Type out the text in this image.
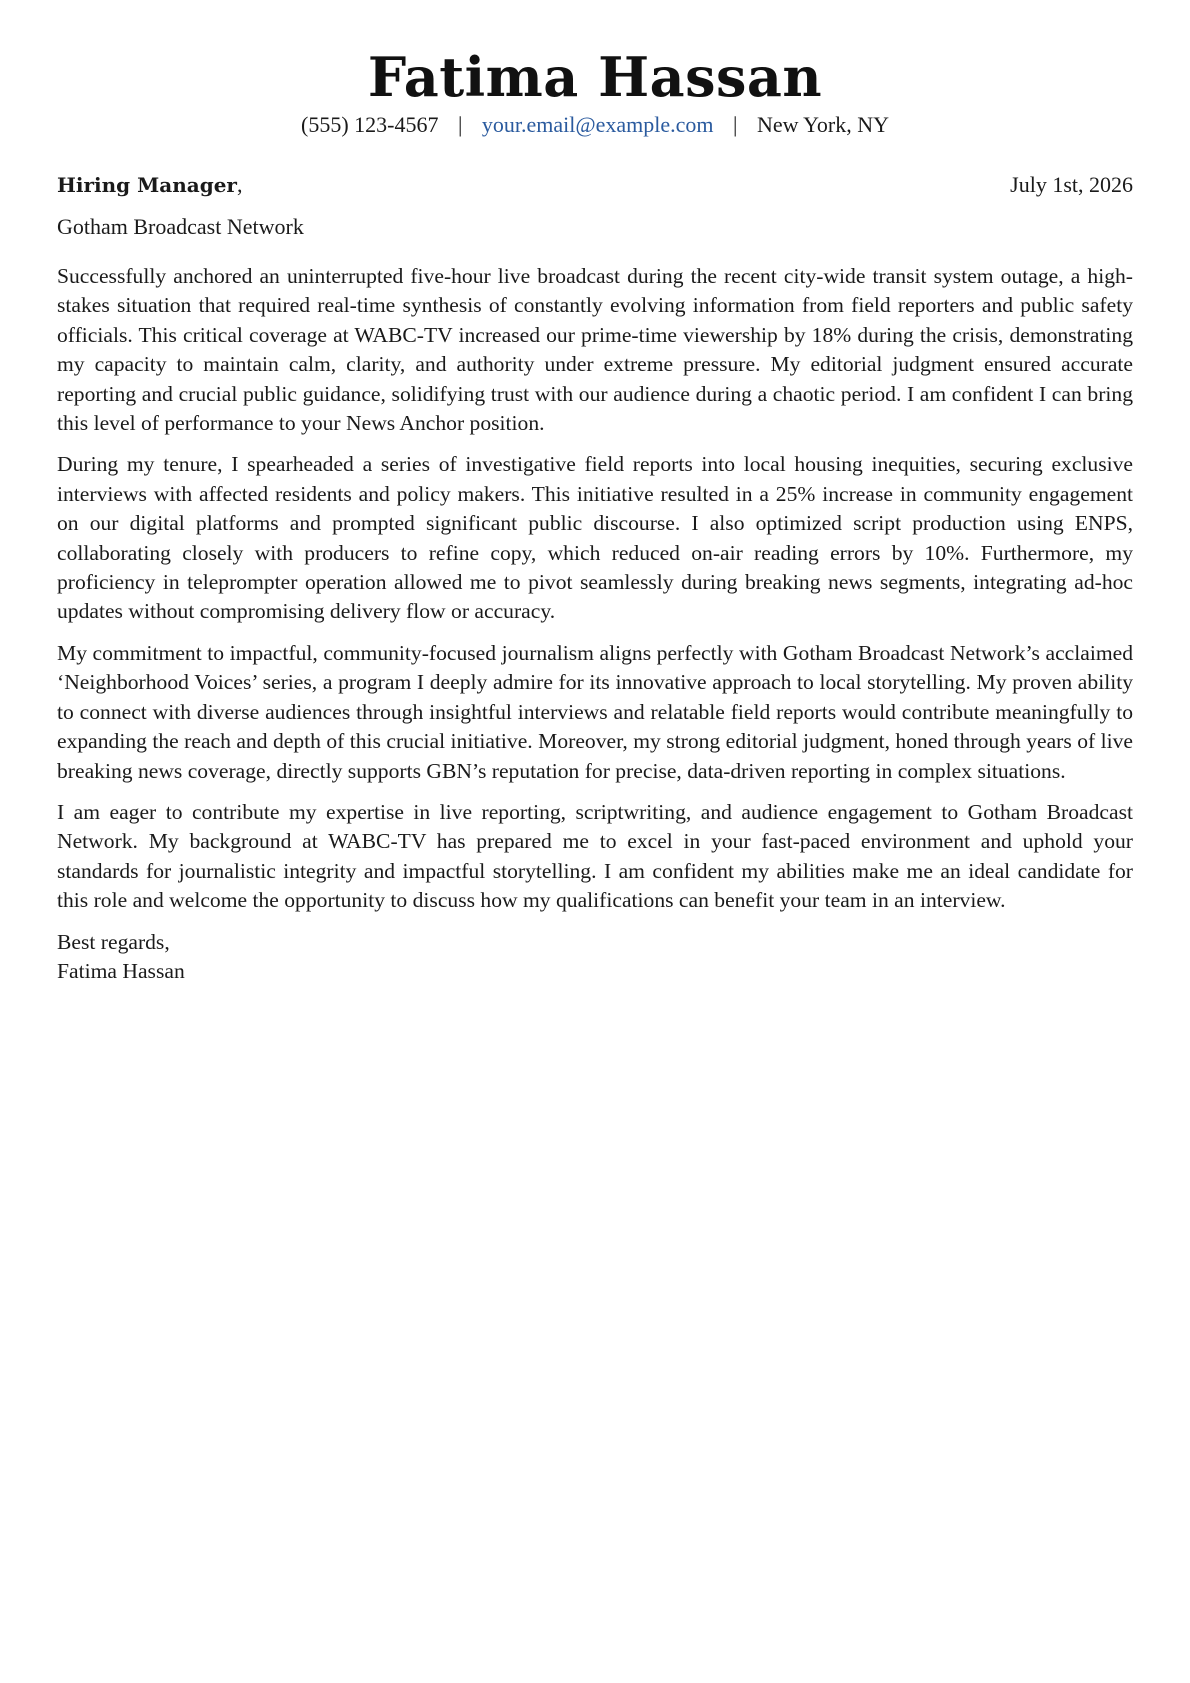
Fatima Hassan
(555) 123-4567 | your.email@example.com | New York, NY
Hiring Manager,	July 1st, 2026
Gotham Broadcast Network

Successfully anchored an uninterrupted five-hour live broadcast during the recent city-wide transit system outage, a high-stakes situation that required real-time synthesis of constantly evolving information from field reporters and public safety officials. This critical coverage at WABC-TV increased our prime-time viewership by 18% during the crisis, demonstrating my capacity to maintain calm, clarity, and authority under extreme pressure. My editorial judgment ensured accurate reporting and crucial public guidance, solidifying trust with our audience during a chaotic period. I am confident I can bring this level of performance to your News Anchor position.

During my tenure, I spearheaded a series of investigative field reports into local housing inequities, securing exclusive interviews with affected residents and policy makers. This initiative resulted in a 25% increase in community engagement on our digital platforms and prompted significant public discourse. I also optimized script production using ENPS, collaborating closely with producers to refine copy, which reduced on-air reading errors by 10%. Furthermore, my proficiency in teleprompter operation allowed me to pivot seamlessly during breaking news segments, integrating ad-hoc updates without compromising delivery flow or accuracy.

My commitment to impactful, community-focused journalism aligns perfectly with Gotham Broadcast Network’s acclaimed ‘Neighborhood Voices’ series, a program I deeply admire for its innovative approach to local storytelling. My proven ability to connect with diverse audiences through insightful interviews and relatable field reports would contribute meaningfully to expanding the reach and depth of this crucial initiative. Moreover, my strong editorial judgment, honed through years of live breaking news coverage, directly supports GBN’s reputation for precise, data-driven reporting in complex situations.

I am eager to contribute my expertise in live reporting, scriptwriting, and audience engagement to Gotham Broadcast Network. My background at WABC-TV has prepared me to excel in your fast-paced environment and uphold your standards for journalistic integrity and impactful storytelling. I am confident my abilities make me an ideal candidate for this role and welcome the opportunity to discuss how my qualifications can benefit your team in an interview.

Best regards,
Fatima Hassan
